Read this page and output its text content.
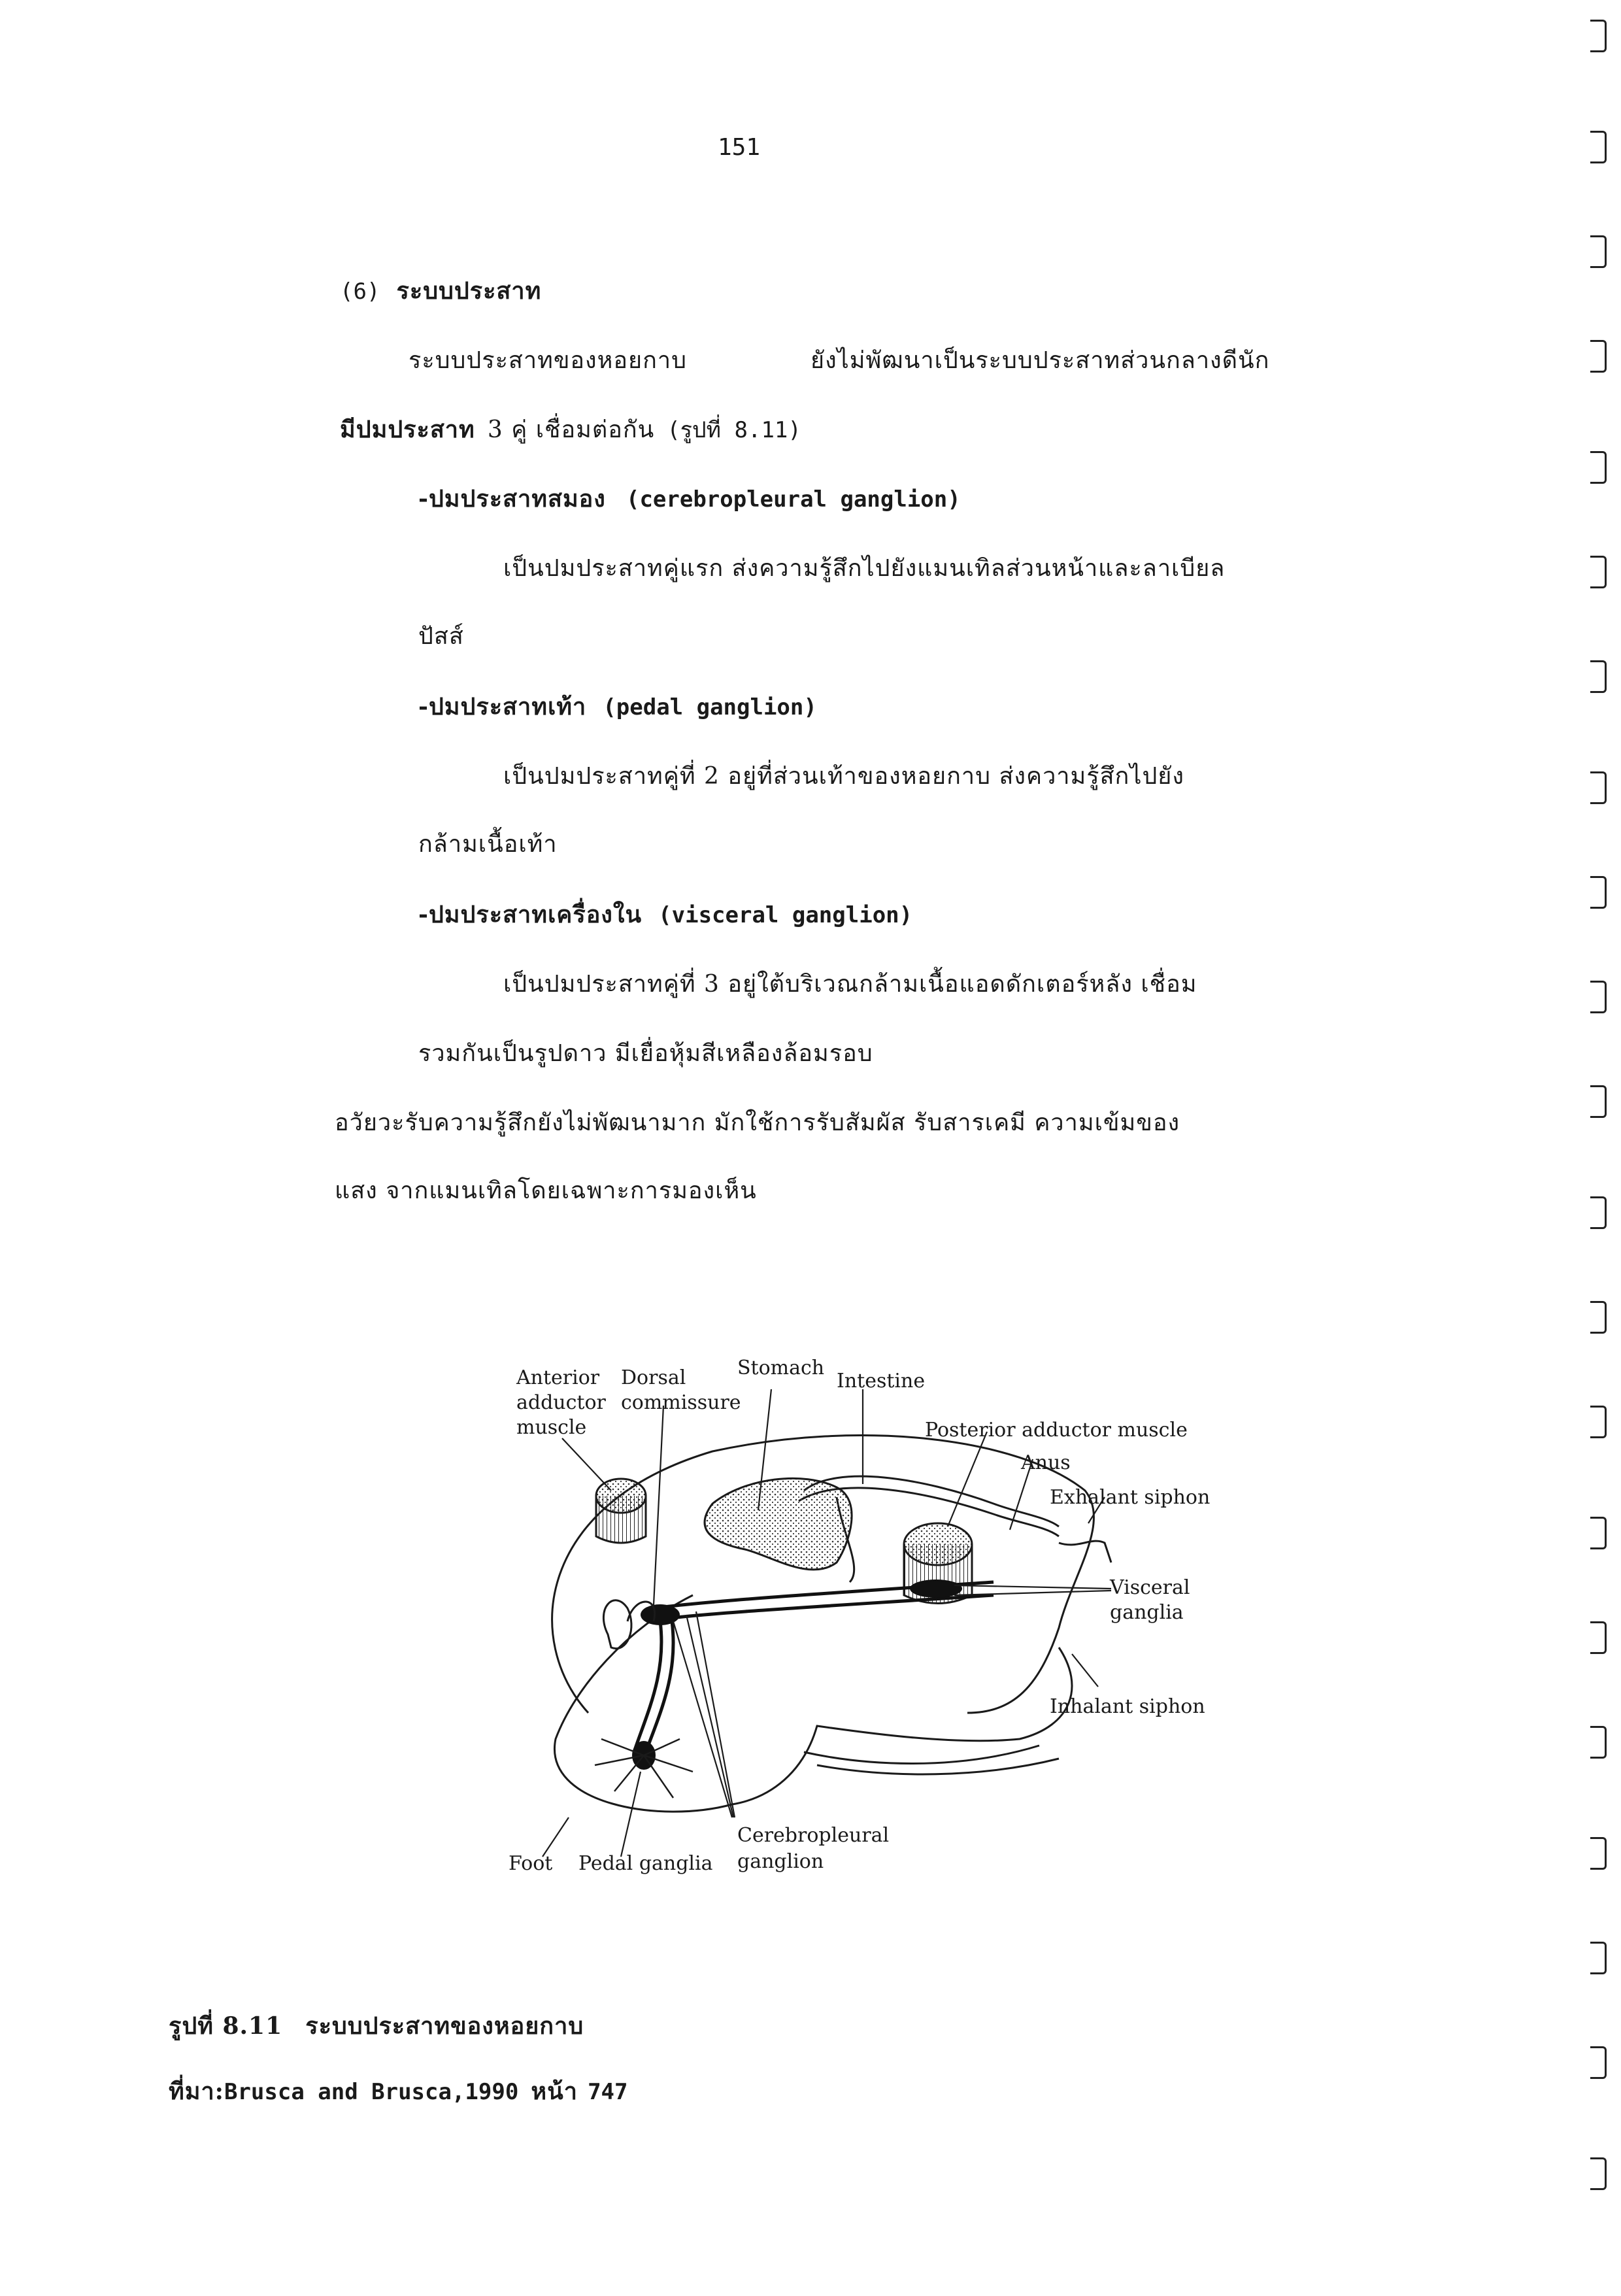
151
(6) ระบบประสาท
ระบบประสาทของหอยกาบ	ยังไม่พัฒนาเป็นระบบประสาทส่วนกลางดีนัก
มีปมประสาท 3 คู่ เชื่อมต่อกัน (รูปที่ 8.11)
-ปมประสาทสมอง (cerebropleural ganglion)
เป็นปมประสาทคู่แรก ส่งความรู้สึกไปยังแมนเทิลส่วนหน้าและลาเบียล
ปัสส์
-ปมประสาทเท้า (pedal ganglion)
เป็นปมประสาทคู่ที่ 2 อยู่ที่ส่วนเท้าของหอยกาบ ส่งความรู้สึกไปยัง
กล้ามเนื้อเท้า
-ปมประสาทเครื่องใน (visceral ganglion)
เป็นปมประสาทคู่ที่ 3 อยู่ใต้บริเวณกล้ามเนื้อแอดดักเตอร์หลัง เชื่อม
รวมกันเป็นรูปดาว มีเยื่อหุ้มสีเหลืองล้อมรอบ
อวัยวะรับความรู้สึกยังไม่พัฒนามาก มักใช้การรับสัมผัส รับสารเคมี ความเข้มของ
แสง จากแมนเทิลโดยเฉพาะการมองเห็น
Anterior
adductor
muscle
Dorsal
commissure
Stomach
Intestine
Posterior adductor muscle
Anus
Exhalant siphon
Visceral
ganglia
Inhalant siphon
Foot Pedal ganglia
Cerebropleural
ganglion
รูปที่ 8.11 ระบบประสาทของหอยกาบ
ที่มา:Brusca and Brusca,1990 หน้า 747
